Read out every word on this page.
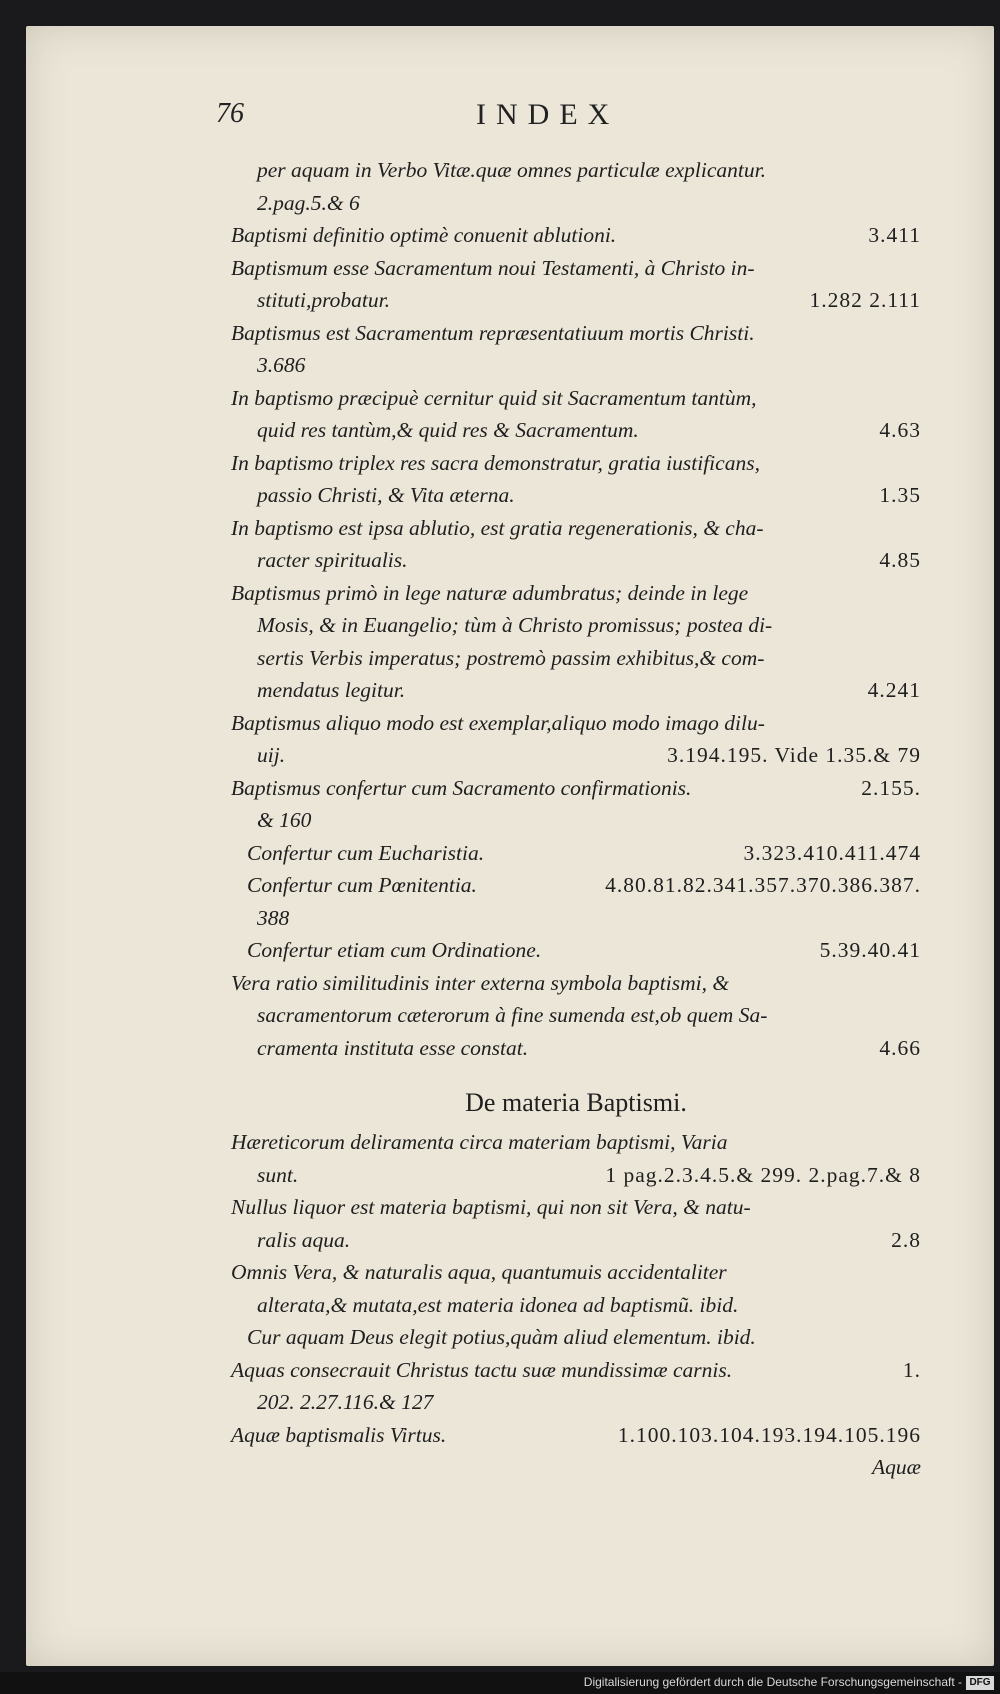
76	INDEX
per aquam in Verbo Vitæ.quæ omnes particulæ explicantur.
2.pag.5.& 6
Baptismi definitio optimè conuenit ablutioni.	3.411
Baptismum esse Sacramentum noui Testamenti, à Christo in-
stituti,probatur.	1.282 2.111
Baptismus est Sacramentum repræsentatiuum mortis Christi.
3.686
In baptismo præcipuè cernitur quid sit Sacramentum tantùm,
quid res tantùm,& quid res & Sacramentum.	4.63
In baptismo triplex res sacra demonstratur, gratia iustificans,
passio Christi, & Vita æterna.	1.35
In baptismo est ipsa ablutio, est gratia regenerationis, & cha-
racter spiritualis.	4.85
Baptismus primò in lege naturæ adumbratus; deinde in lege
Mosis, & in Euangelio; tùm à Christo promissus; postea di-
sertis Verbis imperatus; postremò passim exhibitus,& com-
mendatus legitur.	4.241
Baptismus aliquo modo est exemplar,aliquo modo imago dilu-
uij.	3.194.195. Vide 1.35.& 79
Baptismus confertur cum Sacramento confirmationis.	2.155.
& 160
Confertur cum Eucharistia.	3.323.410.411.474
Confertur cum Pœnitentia.	4.80.81.82.341.357.370.386.387.
388
Confertur etiam cum Ordinatione.	5.39.40.41
Vera ratio similitudinis inter externa symbola baptismi, &
sacramentorum cæterorum à fine sumenda est,ob quem Sa-
cramenta instituta esse constat.	4.66
De materia Baptismi.
Hæreticorum deliramenta circa materiam baptismi, Varia
sunt.	1 pag.2.3.4.5.& 299. 2.pag.7.& 8
Nullus liquor est materia baptismi, qui non sit Vera, & natu-
ralis aqua.	2.8
Omnis Vera, & naturalis aqua, quantumuis accidentaliter
alterata,& mutata,est materia idonea ad baptismũ. ibid.
Cur aquam Deus elegit potius,quàm aliud elementum. ibid.
Aquas consecrauit Christus tactu suæ mundissimæ carnis.	1.
202. 2.27.116.& 127
Aquæ baptismalis Virtus.	1.100.103.104.193.194.105.196
Aquæ
Digitalisierung gefördert durch die Deutsche Forschungsgemeinschaft - DFG
